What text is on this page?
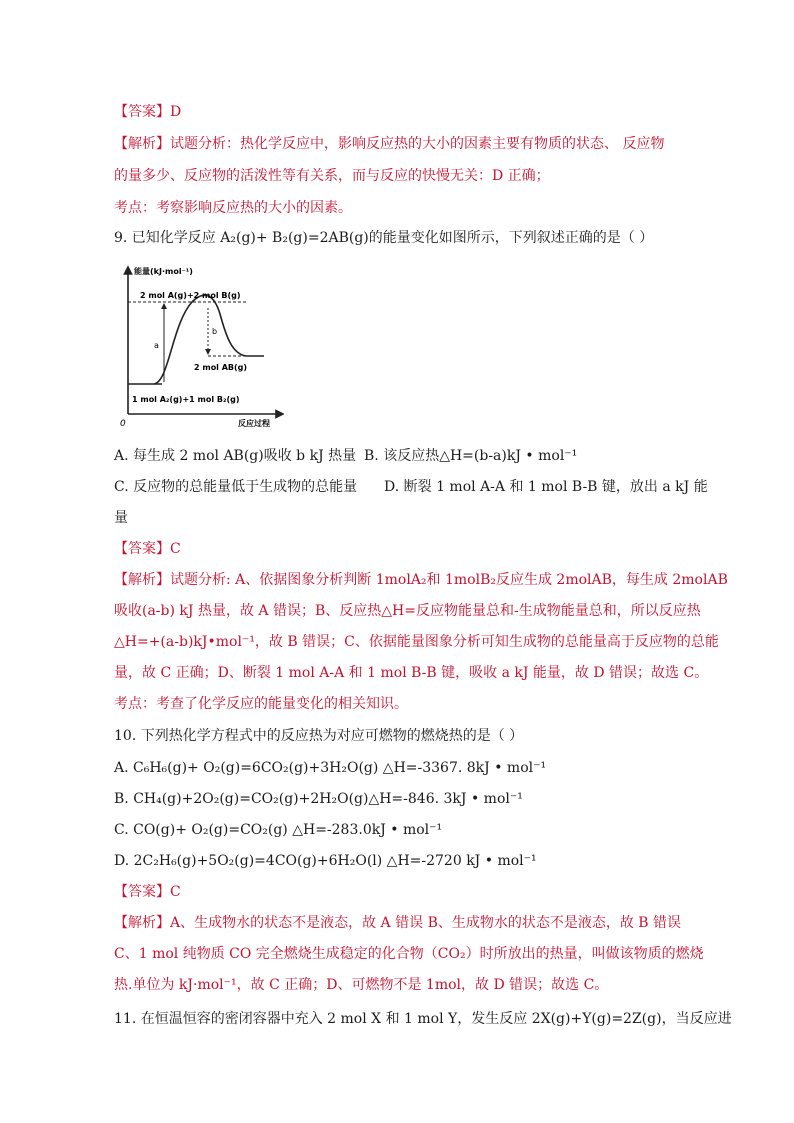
【答案】D
【解析】试题分析：热化学反应中，影响反应热的大小的因素主要有物质的状态、 反应物
的量多少、反应物的活泼性等有关系，而与反应的快慢无关：D 正确；
考点：考察影响反应热的大小的因素。
9. 已知化学反应 A₂(g)+ B₂(g)=2AB(g)的能量变化如图所示，下列叙述正确的是（ ）
能量(kJ·mol⁻¹)
2 mol A(g)+2 mol B(g)
a
b
2 mol AB(g)
1 mol A₂(g)+1 mol B₂(g)
0	反应过程
A. 每生成 2 mol AB(g)吸收 b kJ 热量 B. 该反应热△H=(b-a)kJ • mol⁻¹
C. 反应物的总能量低于生成物的总能量 D. 断裂 1 mol A-A 和 1 mol B-B 键，放出 a kJ 能
量
【答案】C
【解析】试题分析: A、依据图象分析判断 1molA₂和 1molB₂反应生成 2molAB，每生成 2molAB
吸收(a-b) kJ 热量，故 A 错误；B、反应热△H=反应物能量总和-生成物能量总和，所以反应热
△H=+(a-b)kJ•mol⁻¹，故 B 错误；C、依据能量图象分析可知生成物的总能量高于反应物的总能
量，故 C 正确；D、断裂 1 mol A-A 和 1 mol B-B 键，吸收 a kJ 能量，故 D 错误；故选 C。
考点：考查了化学反应的能量变化的相关知识。
10. 下列热化学方程式中的反应热为对应可燃物的燃烧热的是（ ）
A. C₆H₆(g)+ O₂(g)=6CO₂(g)+3H₂O(g) △H=-3367. 8kJ • mol⁻¹
B. CH₄(g)+2O₂(g)=CO₂(g)+2H₂O(g)△H=-846. 3kJ • mol⁻¹
C. CO(g)+ O₂(g)=CO₂(g) △H=-283.0kJ • mol⁻¹
D. 2C₂H₆(g)+5O₂(g)=4CO(g)+6H₂O(l) △H=-2720 kJ • mol⁻¹
【答案】C
【解析】A、生成物水的状态不是液态，故 A 错误 B、生成物水的状态不是液态，故 B 错误
C、1 mol 纯物质 CO 完全燃烧生成稳定的化合物（CO₂）时所放出的热量，叫做该物质的燃烧
热.单位为 kJ·mol⁻¹，故 C 正确；D、可燃物不是 1mol，故 D 错误；故选 C。
11. 在恒温恒容的密闭容器中充入 2 mol X 和 1 mol Y，发生反应 2X(g)+Y(g)=2Z(g)，当反应进
